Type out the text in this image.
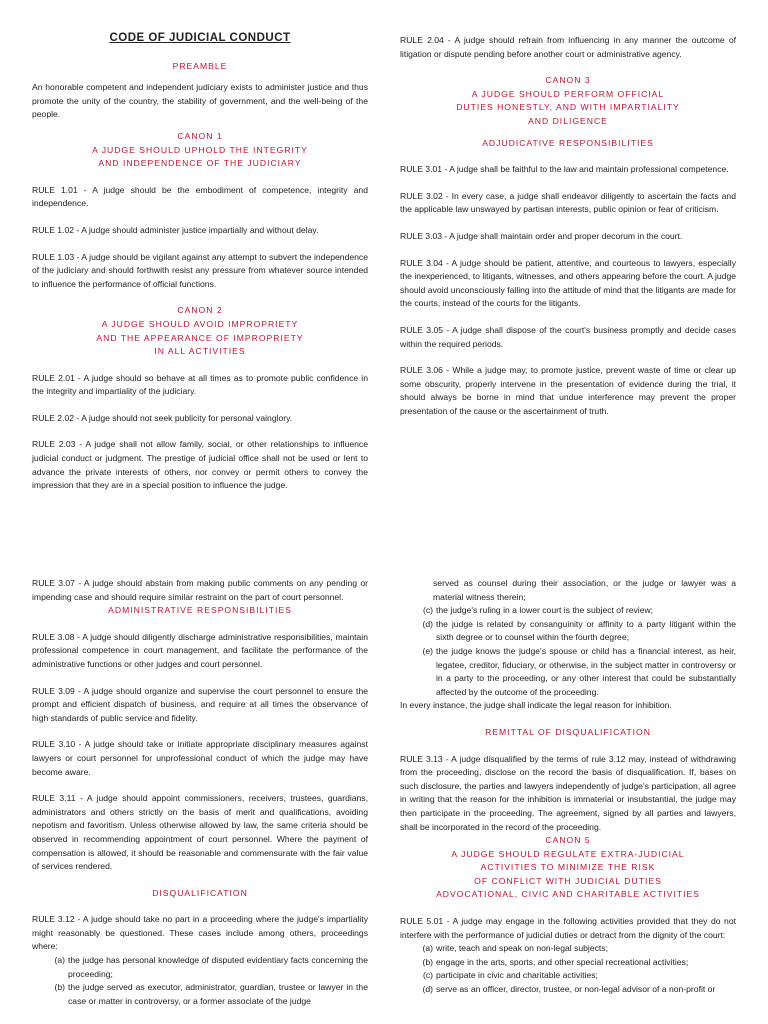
CODE OF JUDICIAL CONDUCT
PREAMBLE

An honorable competent and independent judiciary exists to administer justice and thus promote the unity of the country, the stability of government, and the well-being of the people.

CANON 1
A JUDGE SHOULD UPHOLD THE INTEGRITY
AND INDEPENDENCE OF THE JUDICIARY

RULE 1.01 - A judge should be the embodiment of competence, integrity and independence.

RULE 1.02 - A judge should administer justice impartially and without delay.

RULE 1.03 - A judge should be vigilant against any attempt to subvert the independence of the judiciary and should forthwith resist any pressure from whatever source intended to influence the performance of official functions.

CANON 2
A JUDGE SHOULD AVOID IMPROPRIETY
AND THE APPEARANCE OF IMPROPRIETY
IN ALL ACTIVITIES

RULE 2.01 - A judge should so behave at all times as to promote public confidence in the integrity and impartiality of the judiciary.

RULE 2.02 - A judge should not seek publicity for personal vainglory.

RULE 2.03 - A judge shall not allow family, social, or other relationships to influence judicial conduct or judgment. The prestige of judicial office shall not be used or lent to advance the private interests of others, nor convey or permit others to convey the impression that they are in a special position to influence the judge.

RULE 2.04 - A judge should refrain from influencing in any manner the outcome of litigation or dispute pending before another court or administrative agency.

CANON 3
A JUDGE SHOULD PERFORM OFFICIAL
DUTIES HONESTLY, AND WITH IMPARTIALITY
AND DILIGENCE
ADJUDICATIVE RESPONSIBILITIES

RULE 3.01 - A judge shall be faithful to the law and maintain professional competence.

RULE 3.02 - In every case, a judge shall endeavor diligently to ascertain the facts and the applicable law unswayed by partisan interests, public opinion or fear of criticism.

RULE 3.03 - A judge shall maintain order and proper decorum in the court.

RULE 3.04 - A judge should be patient, attentive, and courteous to lawyers, especially the inexperienced, to litigants, witnesses, and others appearing before the court. A judge should avoid unconsciously falling into the attitude of mind that the litigants are made for the courts, instead of the courts for the litigants.

RULE 3.05 - A judge shall dispose of the court's business promptly and decide cases within the required periods.

RULE 3.06 - While a judge may, to promote justice, prevent waste of time or clear up some obscurity, properly intervene in the presentation of evidence during the trial, it should always be borne in mind that undue interference may prevent the proper presentation of the cause or the ascertainment of truth.

RULE 3.07 - A judge should abstain from making public comments on any pending or impending case and should require similar restraint on the part of court personnel.

ADMINISTRATIVE RESPONSIBILITIES

RULE 3.08 - A judge should diligently discharge administrative responsibilities, maintain professional competence in court management, and facilitate the performance of the administrative functions or other judges and court personnel.

RULE 3.09 - A judge should organize and supervise the court personnel to ensure the prompt and efficient dispatch of business, and require at all times the observance of high standards of public service and fidelity.

RULE 3.10 - A judge should take or initiate appropriate disciplinary measures against lawyers or court personnel for unprofessional conduct of which the judge may have become aware.

RULE 3.11 - A judge should appoint commissioners, receivers, trustees, guardians, administrators and others strictly on the basis of merit and qualifications, avoiding nepotism and favoritism. Unless otherwise allowed by law, the same criteria should be observed in recommending appointment of court personnel. Where the payment of compensation is allowed, it should be reasonable and commensurate with the fair value of services rendered.

DISQUALIFICATION

RULE 3.12 - A judge should take no part in a proceeding where the judge's impartiality might reasonably be questioned. These cases include among others, proceedings where:

(a) the judge has personal knowledge of disputed evidentiary facts concerning the proceeding;
(b) the judge served as executor, administrator, guardian, trustee or lawyer in the case or matter in controversy, or a former associate of the judge

served as counsel during their association, or the judge or lawyer was a material witness therein;

(c) the judge's ruling in a lower court is the subject of review;
(d) the judge is related by consanguinity or affinity to a party litigant within the sixth degree or to counsel within the fourth degree;
(e) the judge knows the judge's spouse or child has a financial interest, as heir, legatee, creditor, fiduciary, or otherwise, in the subject matter in controversy or in a party to the proceeding, or any other interest that could be substantially affected by the outcome of the proceeding.

In every instance, the judge shall indicate the legal reason for inhibition.

REMITTAL OF DISQUALIFICATION

RULE 3.13 - A judge disqualified by the terms of rule 3.12 may, instead of withdrawing from the proceeding, disclose on the record the basis of disqualification. If, bases on such disclosure, the parties and lawyers independently of judge's participation, all agree in writing that the reason for the inhibition is immaterial or insubstantial, the judge may then participate in the proceeding. The agreement, signed by all parties and lawyers, shall be incorporated in the record of the proceeding.

CANON 5
A JUDGE SHOULD REGULATE EXTRA-JUDICIAL
ACTIVITIES TO MINIMIZE THE RISK
OF CONFLICT WITH JUDICIAL DUTIES
ADVOCATIONAL, CIVIC AND CHARITABLE ACTIVITIES

RULE 5.01 - A judge may engage in the following activities provided that they do not interfere with the performance of judicial duties or detract from the dignity of the court:

(a) write, teach and speak on non-legal subjects;
(b) engage in the arts, sports, and other special recreational activities;
(c) participate in civic and charitable activities;
(d) serve as an officer, director, trustee, or non-legal advisor of a non-profit or
